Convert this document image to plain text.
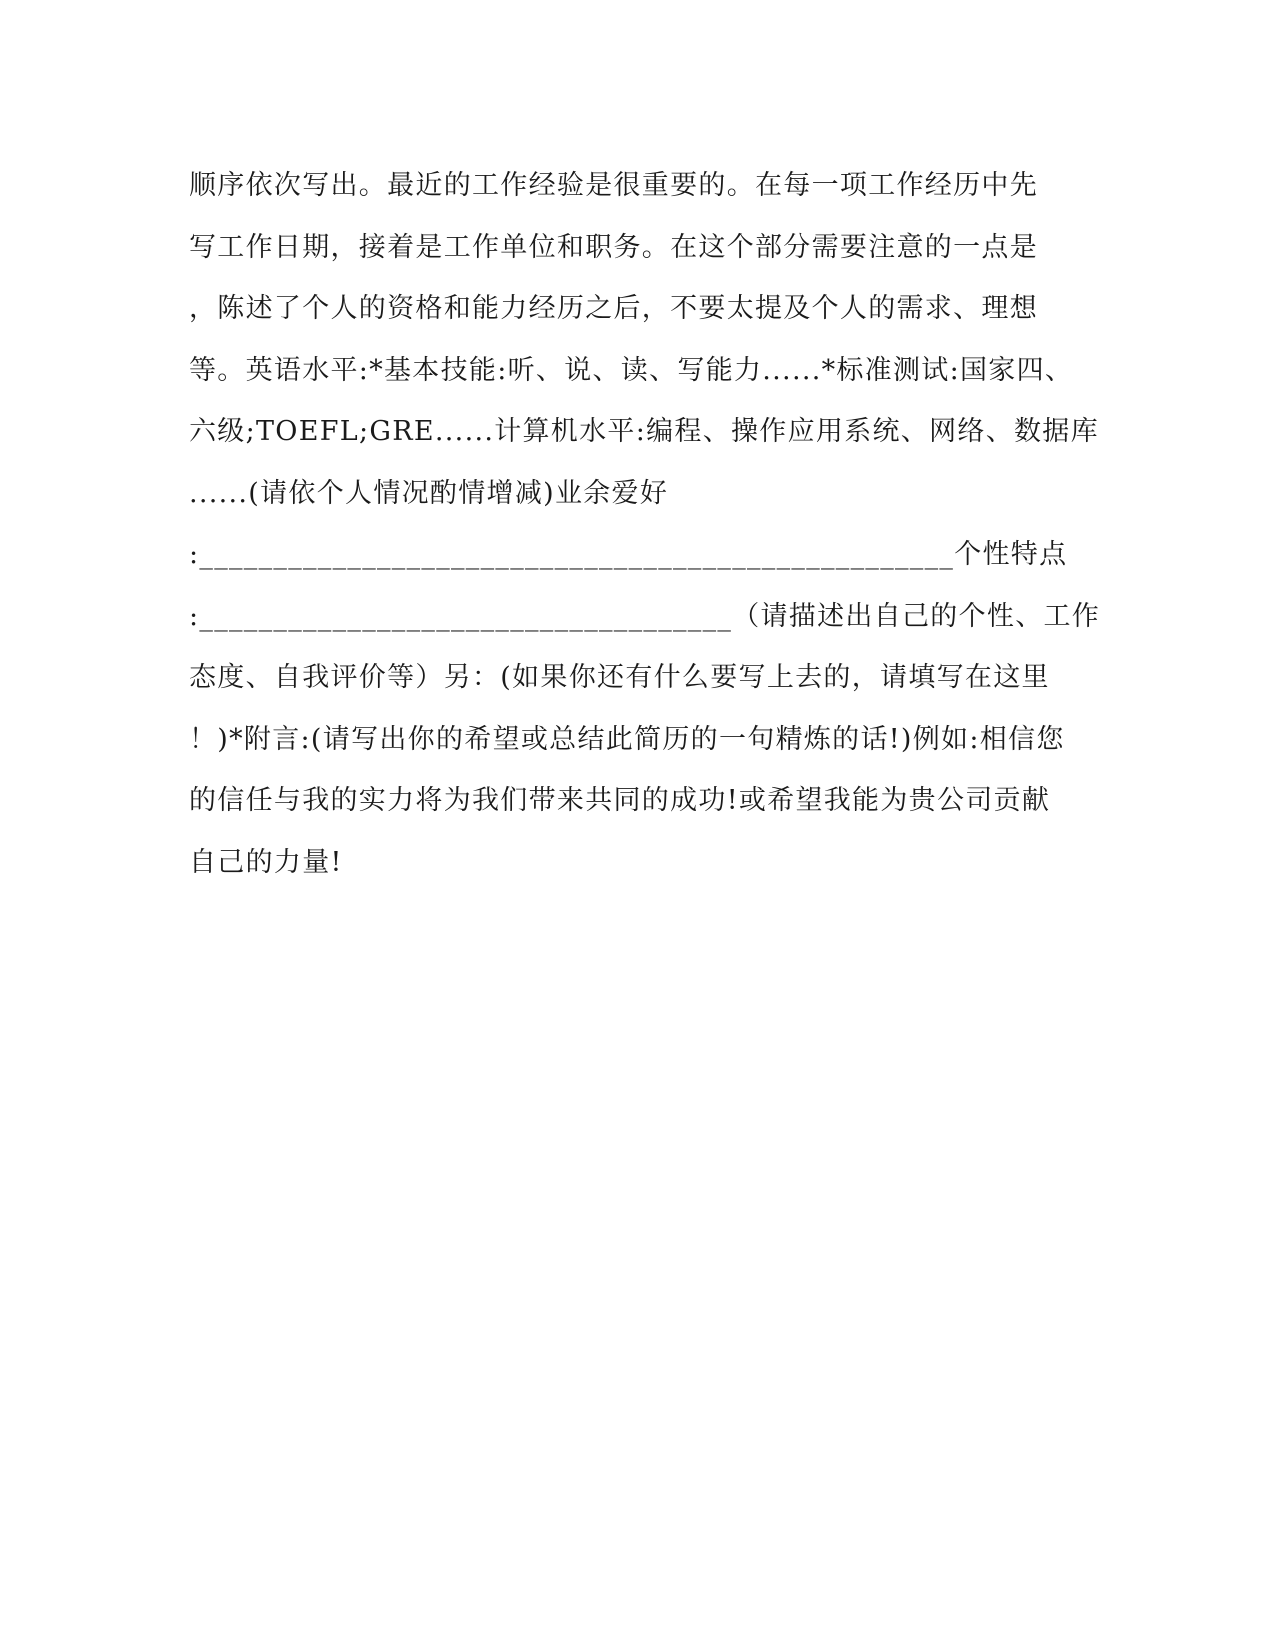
顺序依次写出。最近的工作经验是很重要的。在每一项工作经历中先
写工作日期，接着是工作单位和职务。在这个部分需要注意的一点是
，陈述了个人的资格和能力经历之后，不要太提及个人的需求、理想
等。英语水平:*基本技能:听、说、读、写能力......*标准测试:国家四、
六级;TOEFL;GRE......计算机水平:编程、操作应用系统、网络、数据库
......(请依个人情况酌情增减)业余爱好
:___________________________________________________个性特点
:____________________________________（请描述出自己的个性、工作
态度、自我评价等）另：(如果你还有什么要写上去的，请填写在这里
！)*附言:(请写出你的希望或总结此简历的一句精炼的话!)例如:相信您
的信任与我的实力将为我们带来共同的成功!或希望我能为贵公司贡献
自己的力量!
